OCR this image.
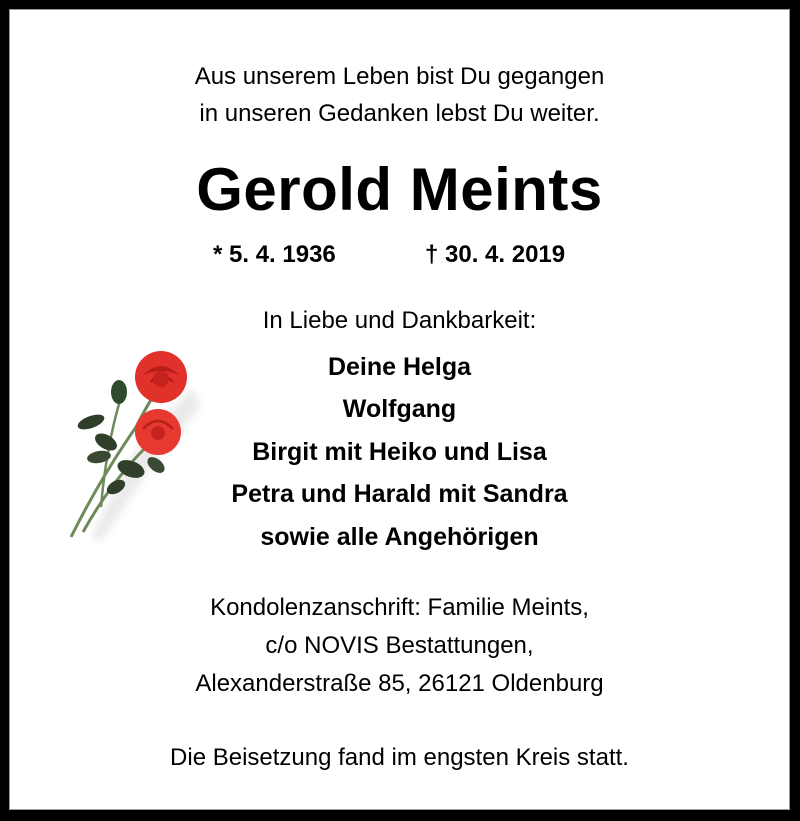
Aus unserem Leben bist Du gegangen
in unseren Gedanken lebst Du weiter.
Gerold Meints
* 5. 4. 1936	† 30. 4. 2019
In Liebe und Dankbarkeit:
Deine Helga
Wolfgang
Birgit mit Heiko und Lisa
Petra und Harald mit Sandra
sowie alle Angehörigen
Kondolenzanschrift: Familie Meints,
c/o NOVIS Bestattungen,
Alexanderstraße 85, 26121 Oldenburg
Die Beisetzung fand im engsten Kreis statt.
